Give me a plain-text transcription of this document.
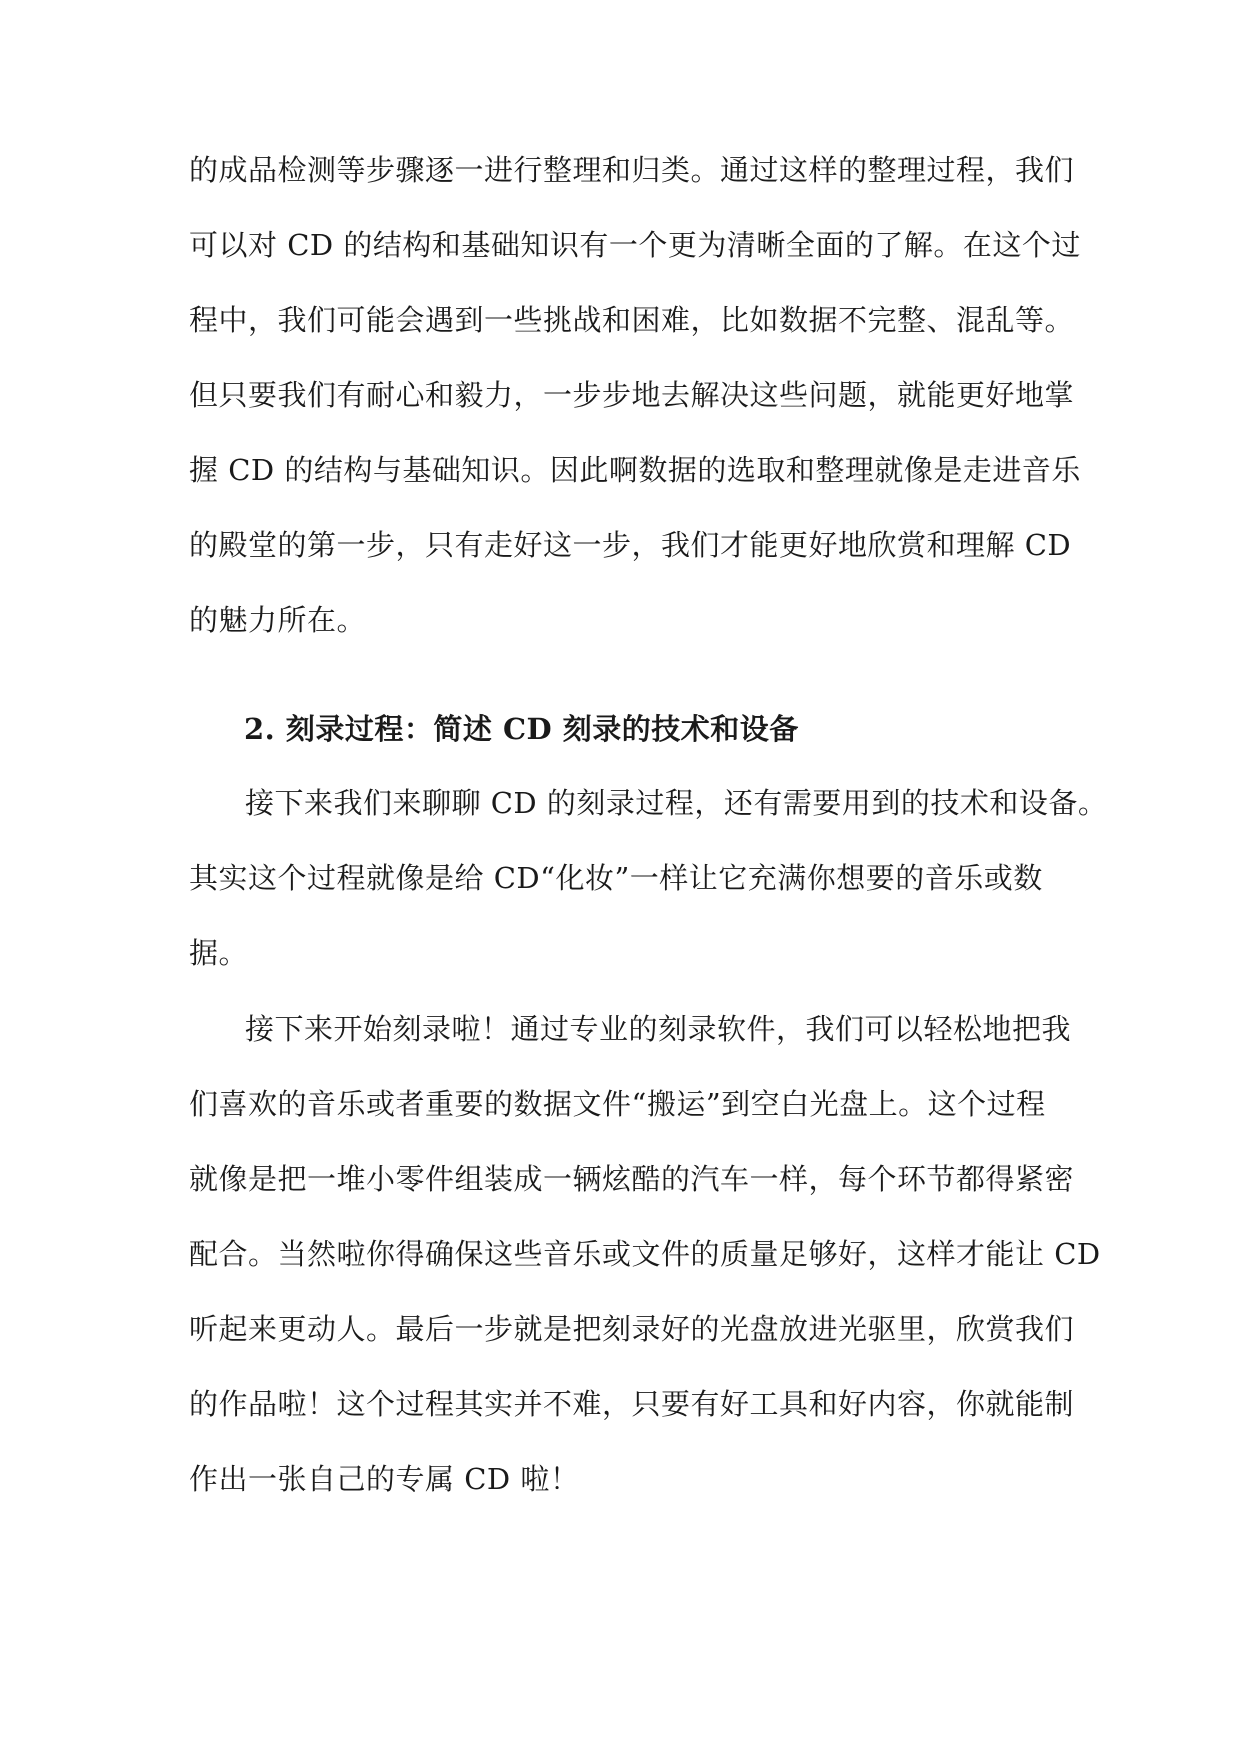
的成品检测等步骤逐一进行整理和归类。通过这样的整理过程，我们
可以对 CD 的结构和基础知识有一个更为清晰全面的了解。在这个过
程中，我们可能会遇到一些挑战和困难，比如数据不完整、混乱等。
但只要我们有耐心和毅力，一步步地去解决这些问题，就能更好地掌
握 CD 的结构与基础知识。因此啊数据的选取和整理就像是走进音乐
的殿堂的第一步，只有走好这一步，我们才能更好地欣赏和理解 CD
的魅力所在。
2. 刻录过程：简述 CD 刻录的技术和设备
接下来我们来聊聊 CD 的刻录过程，还有需要用到的技术和设备。
其实这个过程就像是给 CD“化妆”一样让它充满你想要的音乐或数
据。
接下来开始刻录啦！通过专业的刻录软件，我们可以轻松地把我
们喜欢的音乐或者重要的数据文件“搬运”到空白光盘上。这个过程
就像是把一堆小零件组装成一辆炫酷的汽车一样，每个环节都得紧密
配合。当然啦你得确保这些音乐或文件的质量足够好，这样才能让 CD
听起来更动人。最后一步就是把刻录好的光盘放进光驱里，欣赏我们
的作品啦！这个过程其实并不难，只要有好工具和好内容，你就能制
作出一张自己的专属 CD 啦！
